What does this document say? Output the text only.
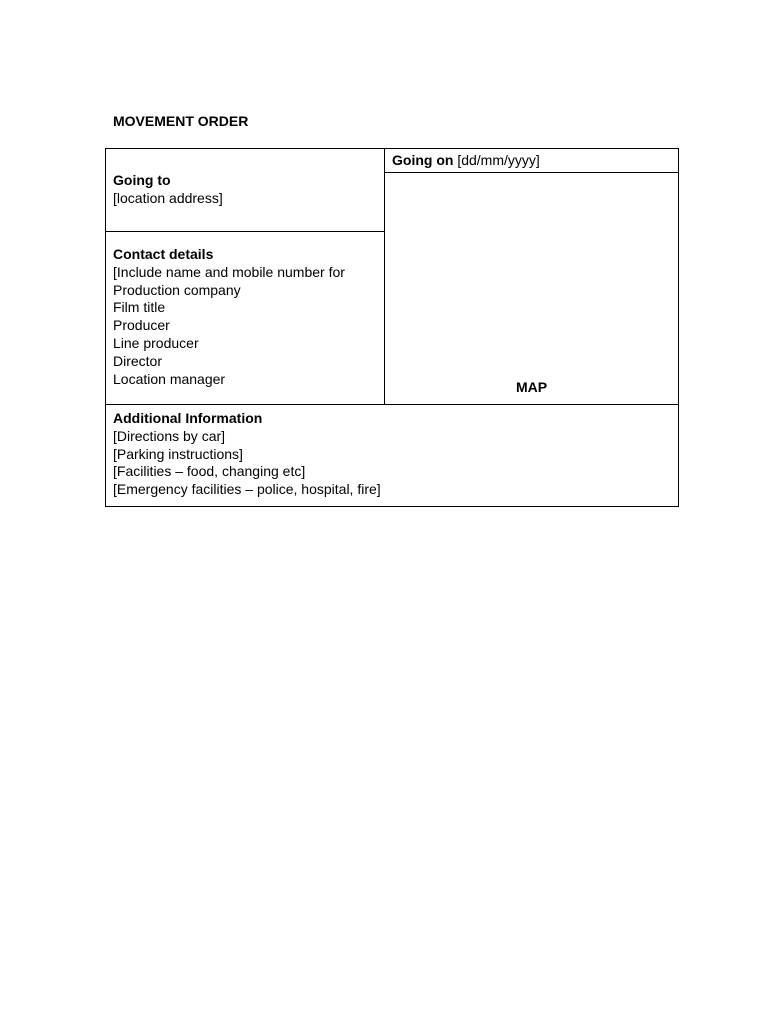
MOVEMENT ORDER
Going to
[location address]
Contact details
[Include name and mobile number for
Production company
Film title
Producer
Line producer
Director
Location manager
Going on [dd/mm/yyyy]
MAP
Additional Information
[Directions by car]
[Parking instructions]
[Facilities – food, changing etc]
[Emergency facilities – police, hospital, fire]
